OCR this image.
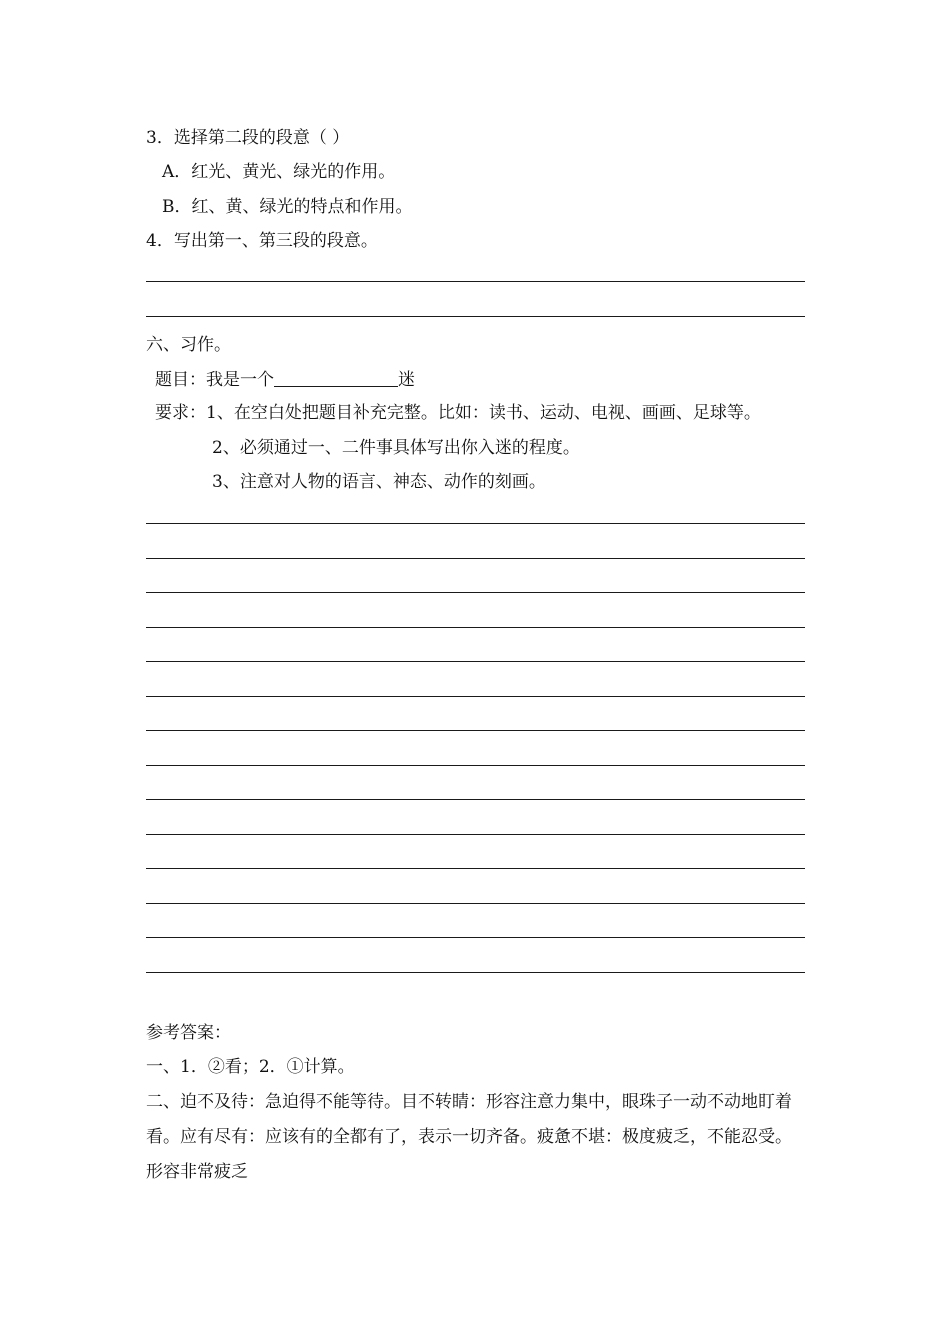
3．选择第二段的段意（ ）
A．红光、黄光、绿光的作用。
B．红、黄、绿光的特点和作用。
4．写出第一、第三段的段意。
六、习作。
题目：我是一个	迷
要求：1、在空白处把题目补充完整。比如：读书、运动、电视、画画、足球等。
2、必须通过一、二件事具体写出你入迷的程度。
3、注意对人物的语言、神态、动作的刻画。
参考答案：
一、1．②看；2．①计算。
二、迫不及待：急迫得不能等待。目不转睛：形容注意力集中，眼珠子一动不动地盯着看。应有尽有：应该有的全都有了，表示一切齐备。疲惫不堪：极度疲乏，不能忍受。形容非常疲乏
